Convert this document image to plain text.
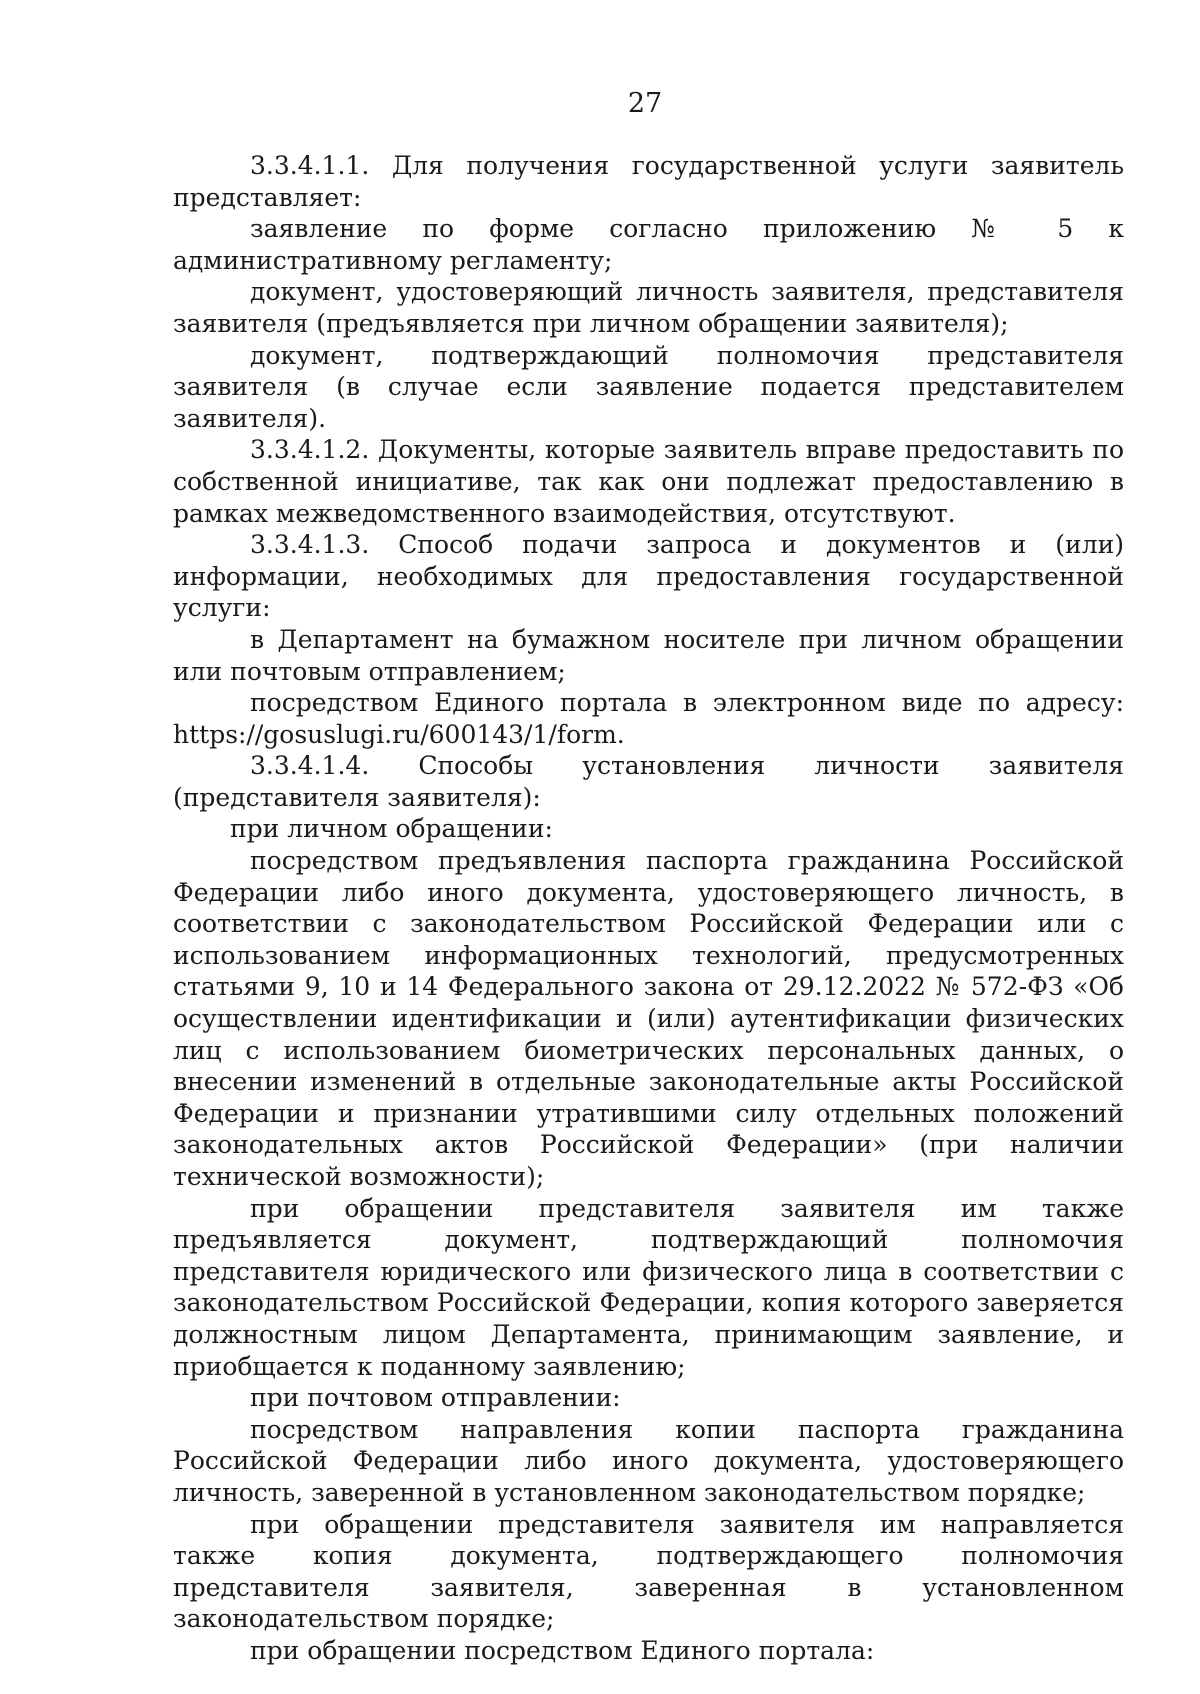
27

3.3.4.1.1. Для получения государственной услуги заявитель представляет:

заявление по форме согласно приложению № 5 к административному регламенту;

документ, удостоверяющий личность заявителя, представителя заявителя (предъявляется при личном обращении заявителя);

документ, подтверждающий полномочия представителя заявителя (в случае если заявление подается представителем заявителя).

3.3.4.1.2. Документы, которые заявитель вправе предоставить по собственной инициативе, так как они подлежат предоставлению в рамках межведомственного взаимодействия, отсутствуют.

3.3.4.1.3. Способ подачи запроса и документов и (или) информации, необходимых для предоставления государственной услуги:

в Департамент на бумажном носителе при личном обращении или почтовым отправлением;

посредством Единого портала в электронном виде по адресу: https://gosuslugi.ru/600143/1/form.

3.3.4.1.4. Способы установления личности заявителя (представителя заявителя):

при личном обращении:

посредством предъявления паспорта гражданина Российской Федерации либо иного документа, удостоверяющего личность, в соответствии с законодательством Российской Федерации или с использованием информационных технологий, предусмотренных статьями 9, 10 и 14 Федерального закона от 29.12.2022 № 572-ФЗ «Об осуществлении идентификации и (или) аутентификации физических лиц с использованием биометрических персональных данных, о внесении изменений в отдельные законодательные акты Российской Федерации и признании утратившими силу отдельных положений законодательных актов Российской Федерации» (при наличии технической возможности);

при обращении представителя заявителя им также предъявляется документ, подтверждающий полномочия представителя юридического или физического лица в соответствии с законодательством Российской Федерации, копия которого заверяется должностным лицом Департамента, принимающим заявление, и приобщается к поданному заявлению;

при почтовом отправлении:

посредством направления копии паспорта гражданина Российской Федерации либо иного документа, удостоверяющего личность, заверенной в установленном законодательством порядке;

при обращении представителя заявителя им направляется также копия документа, подтверждающего полномочия представителя заявителя, заверенная в установленном законодательством порядке;

при обращении посредством Единого портала:
